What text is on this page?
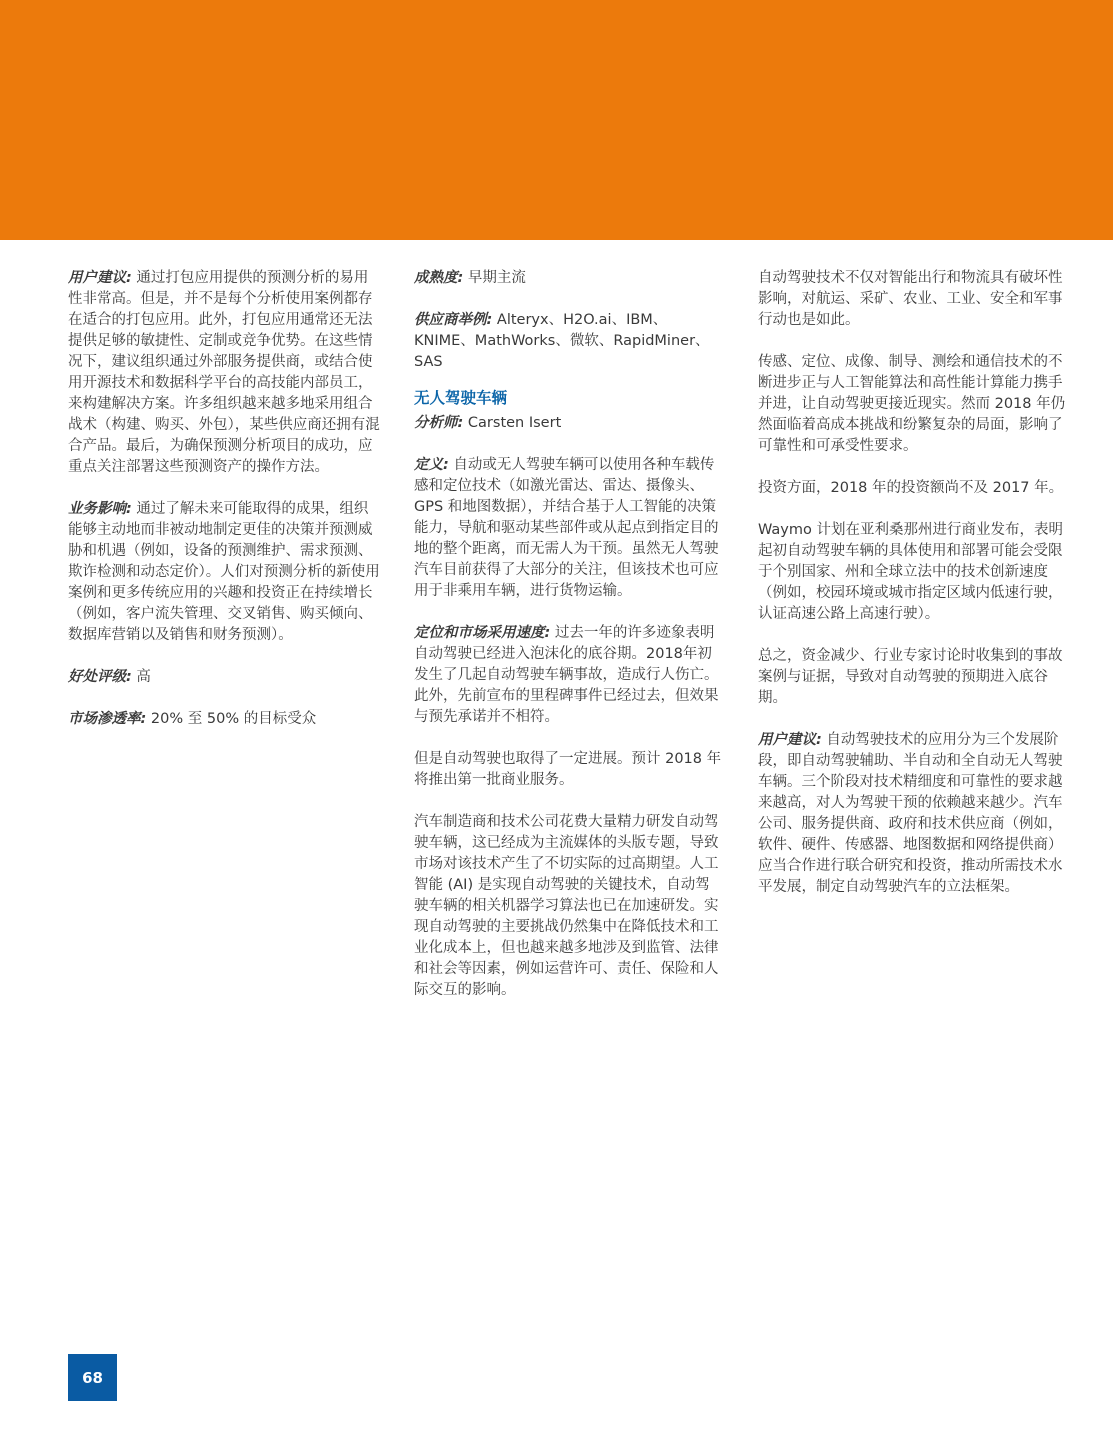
用户建议: 通过打包应用提供的预测分析的易用性非常高。但是，并不是每个分析使用案例都存在适合的打包应用。此外，打包应用通常还无法提供足够的敏捷性、定制或竞争优势。在这些情况下，建议组织通过外部服务提供商，或结合使用开源技术和数据科学平台的高技能内部员工，来构建解决方案。许多组织越来越多地采用组合战术（构建、购买、外包），某些供应商还拥有混合产品。最后，为确保预测分析项目的成功，应重点关注部署这些预测资产的操作方法。

业务影响: 通过了解未来可能取得的成果，组织能够主动地而非被动地制定更佳的决策并预测威胁和机遇（例如，设备的预测维护、需求预测、欺诈检测和动态定价）。人们对预测分析的新使用案例和更多传统应用的兴趣和投资正在持续增长（例如，客户流失管理、交叉销售、购买倾向、数据库营销以及销售和财务预测）。

好处评级: 高

市场渗透率: 20% 至 50% 的目标受众

成熟度: 早期主流

供应商举例: Alteryx、H2O.ai、IBM、KNIME、MathWorks、微软、RapidMiner、SAS

无人驾驶车辆

分析师: Carsten Isert

定义: 自动或无人驾驶车辆可以使用各种车载传感和定位技术（如激光雷达、雷达、摄像头、GPS 和地图数据），并结合基于人工智能的决策能力，导航和驱动某些部件或从起点到指定目的地的整个距离，而无需人为干预。虽然无人驾驶汽车目前获得了大部分的关注，但该技术也可应用于非乘用车辆，进行货物运输。

定位和市场采用速度: 过去一年的许多迹象表明自动驾驶已经进入泡沫化的底谷期。2018年初发生了几起自动驾驶车辆事故，造成行人伤亡。此外，先前宣布的里程碑事件已经过去，但效果与预先承诺并不相符。

但是自动驾驶也取得了一定进展。预计 2018 年将推出第一批商业服务。

汽车制造商和技术公司花费大量精力研发自动驾驶车辆，这已经成为主流媒体的头版专题，导致市场对该技术产生了不切实际的过高期望。人工智能 (AI) 是实现自动驾驶的关键技术，自动驾驶车辆的相关机器学习算法也已在加速研发。实现自动驾驶的主要挑战仍然集中在降低技术和工业化成本上，但也越来越多地涉及到监管、法律和社会等因素，例如运营许可、责任、保险和人际交互的影响。

自动驾驶技术不仅对智能出行和物流具有破坏性影响，对航运、采矿、农业、工业、安全和军事行动也是如此。

传感、定位、成像、制导、测绘和通信技术的不断进步正与人工智能算法和高性能计算能力携手并进，让自动驾驶更接近现实。然而 2018 年仍然面临着高成本挑战和纷繁复杂的局面，影响了可靠性和可承受性要求。

投资方面，2018 年的投资额尚不及 2017 年。

Waymo 计划在亚利桑那州进行商业发布，表明起初自动驾驶车辆的具体使用和部署可能会受限于个别国家、州和全球立法中的技术创新速度（例如，校园环境或城市指定区域内低速行驶，认证高速公路上高速行驶）。

总之，资金减少、行业专家讨论时收集到的事故案例与证据，导致对自动驾驶的预期进入底谷期。

用户建议: 自动驾驶技术的应用分为三个发展阶段，即自动驾驶辅助、半自动和全自动无人驾驶车辆。三个阶段对技术精细度和可靠性的要求越来越高，对人为驾驶干预的依赖越来越少。汽车公司、服务提供商、政府和技术供应商（例如，软件、硬件、传感器、地图数据和网络提供商）应当合作进行联合研究和投资，推动所需技术水平发展，制定自动驾驶汽车的立法框架。

68
